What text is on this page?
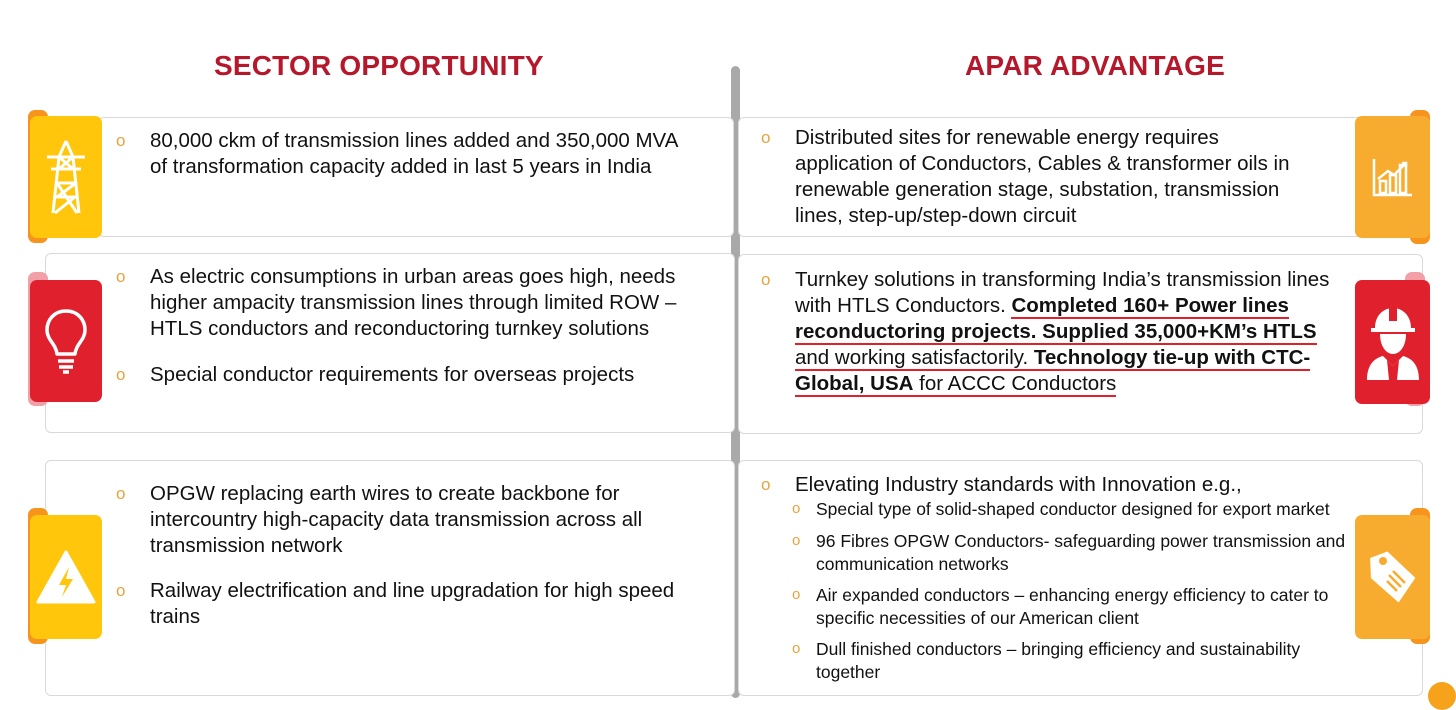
SECTOR OPPORTUNITY	APAR ADVANTAGE
o 80,000 ckm of transmission lines added and 350,000 MVA of transformation capacity added in last 5 years in India
o As electric consumptions in urban areas goes high, needs higher ampacity transmission lines through limited ROW – HTLS conductors and reconductoring turnkey solutions
o Special conductor requirements for overseas projects
o OPGW replacing earth wires to create backbone for intercountry high-capacity data transmission across all transmission network
o Railway electrification and line upgradation for high speed trains
o Distributed sites for renewable energy requires application of Conductors, Cables & transformer oils in renewable generation stage, substation, transmission lines, step-up/step-down circuit
o Turnkey solutions in transforming India’s transmission lines with HTLS Conductors. Completed 160+ Power lines reconductoring projects. Supplied 35,000+KM’s HTLS and working satisfactorily. Technology tie-up with CTC-Global, USA for ACCC Conductors
o Elevating Industry standards with Innovation e.g.,
o Special type of solid-shaped conductor designed for export market
o 96 Fibres OPGW Conductors- safeguarding power transmission and communication networks
o Air expanded conductors – enhancing energy efficiency to cater to specific necessities of our American client
o Dull finished conductors – bringing efficiency and sustainability together
